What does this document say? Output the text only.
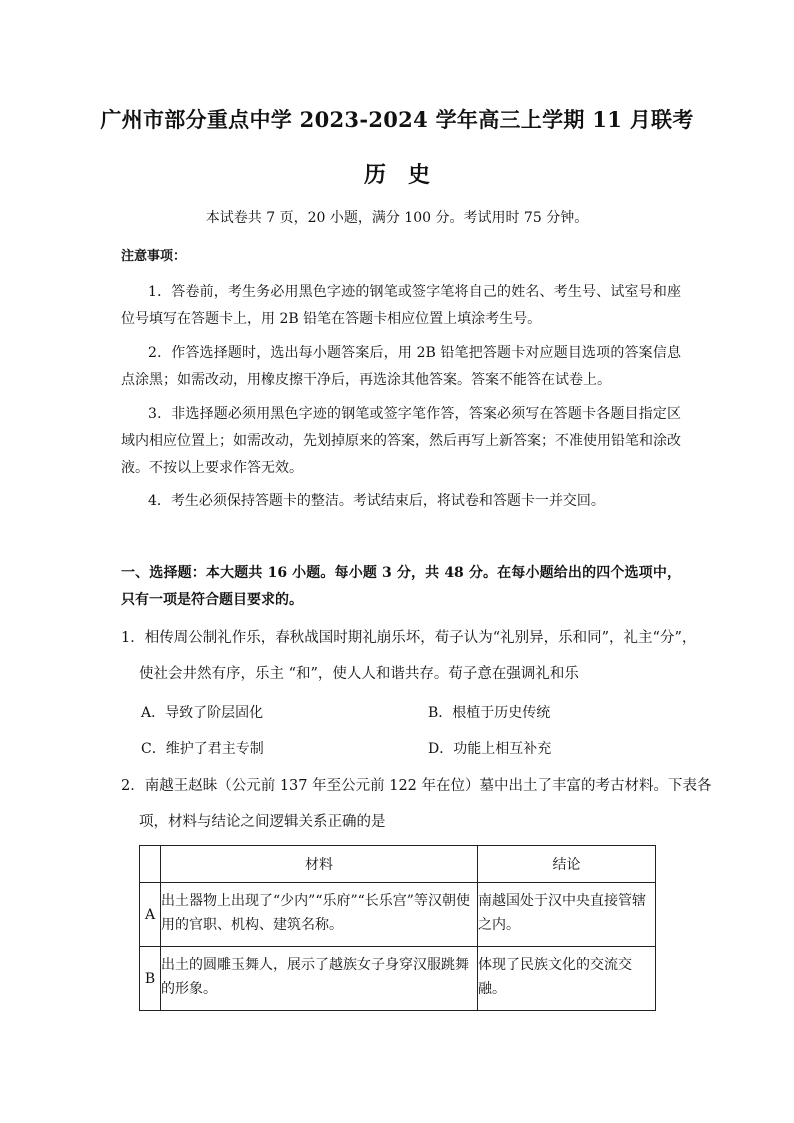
广州市部分重点中学 2023-2024 学年高三上学期 11 月联考
历史
本试卷共 7 页，20 小题，满分 100 分。考试用时 75 分钟。
注意事项：
1．答卷前，考生务必用黑色字迹的钢笔或签字笔将自己的姓名、考生号、试室号和座位号填写在答题卡上，用 2B 铅笔在答题卡相应位置上填涂考生号。
2．作答选择题时，选出每小题答案后，用 2B 铅笔把答题卡对应题目选项的答案信息点涂黑；如需改动，用橡皮擦干净后，再选涂其他答案。答案不能答在试卷上。
3．非选择题必须用黑色字迹的钢笔或签字笔作答，答案必须写在答题卡各题目指定区域内相应位置上；如需改动，先划掉原来的答案，然后再写上新答案；不准使用铅笔和涂改液。不按以上要求作答无效。
4．考生必须保持答题卡的整洁。考试结束后，将试卷和答题卡一并交回。
一、选择题：本大题共 16 小题。每小题 3 分，共 48 分。在每小题给出的四个选项中，只有一项是符合题目要求的。
1．相传周公制礼作乐，春秋战国时期礼崩乐坏，荀子认为“礼别异，乐和同”，礼主“分”，
使社会井然有序，乐主 “和”，使人人和谐共存。荀子意在强调礼和乐
A．导致了阶层固化	B．根植于历史传统
C．维护了君主专制	D．功能上相互补充
2．南越王赵眛（公元前 137 年至公元前 122 年在位）墓中出土了丰富的考古材料。下表各
项，材料与结论之间逻辑关系正确的是
	材料	结论
A	出土器物上出现了“少内”“乐府”“长乐宫”等汉朝使用的官职、机构、建筑名称。	南越国处于汉中央直接管辖之内。
B	出土的圆雕玉舞人，展示了越族女子身穿汉服跳舞的形象。	体现了民族文化的交流交融。
